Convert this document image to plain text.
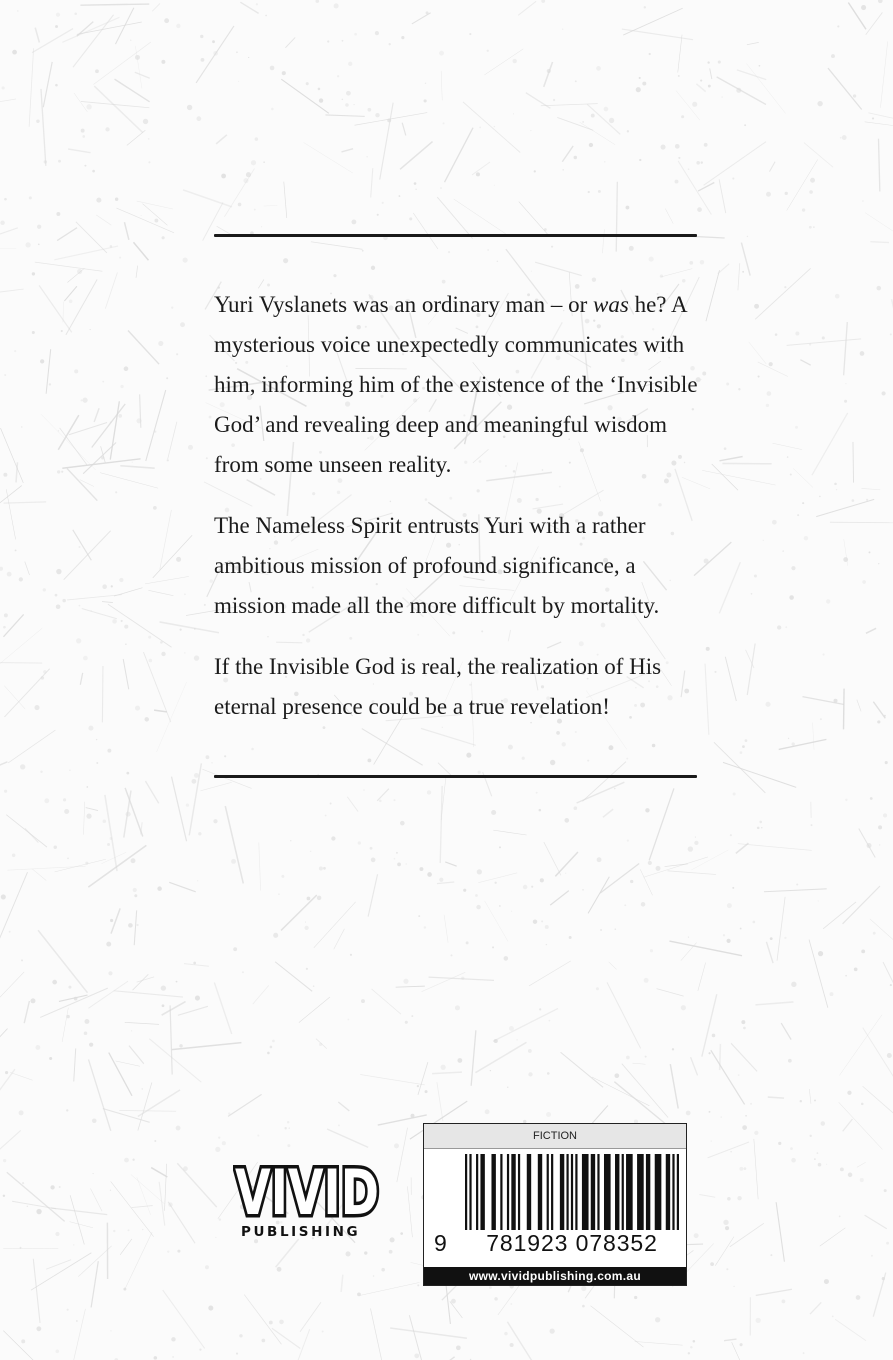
Yuri Vyslanets was an ordinary man – or was he? A mysterious voice unexpectedly communicates with him, informing him of the existence of the ‘Invisible God’ and revealing deep and meaningful wisdom from some unseen reality.

The Nameless Spirit entrusts Yuri with a rather ambitious mission of profound significance, a mission made all the more difficult by mortality.

If the Invisible God is real, the realization of His eternal presence could be a true revelation!

VIVID
PUBLISHING
FICTION
9	781923 078352
www.vividpublishing.com.au
